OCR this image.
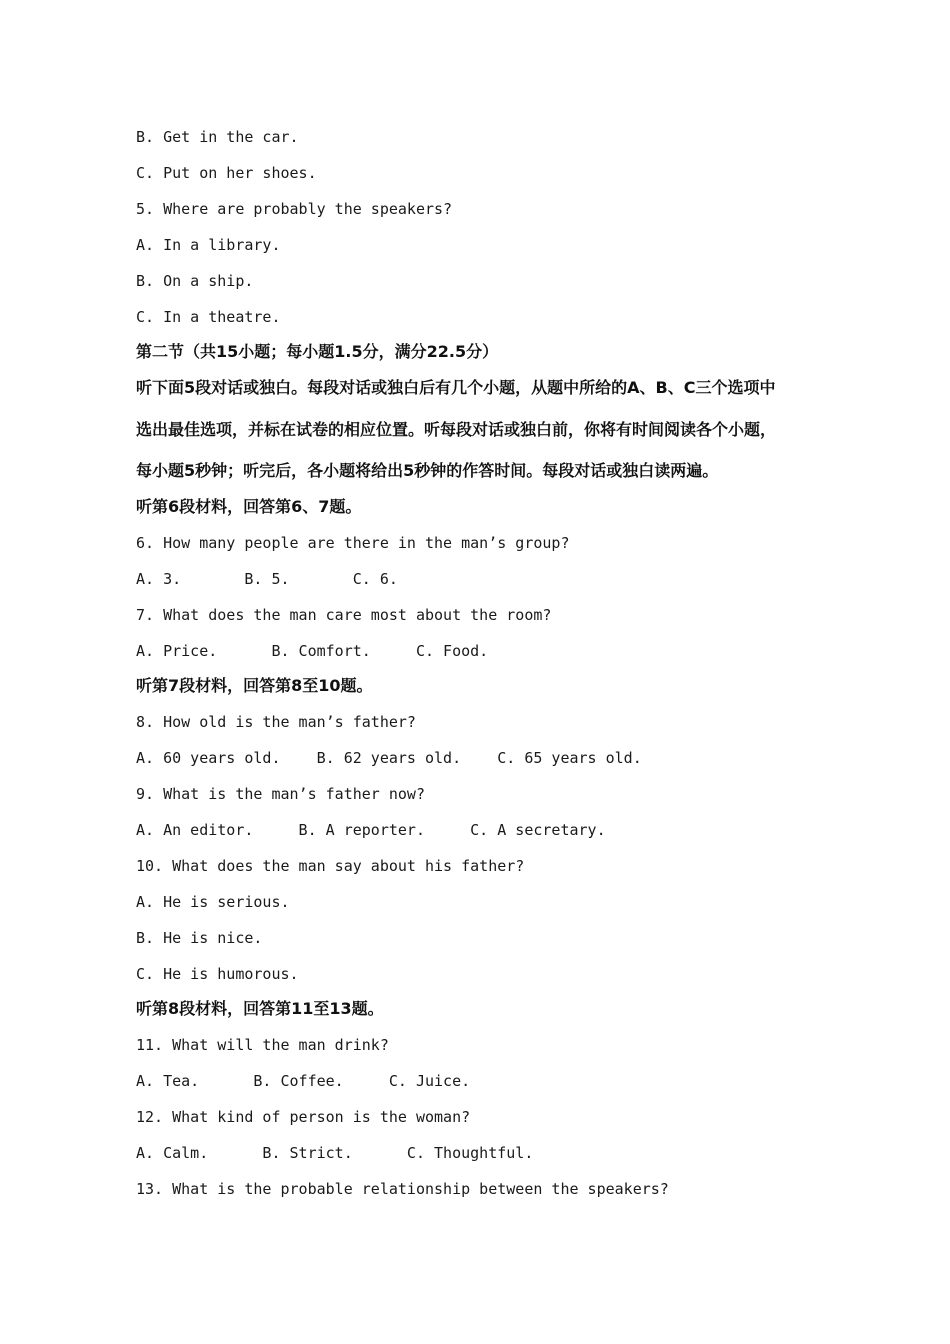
B. Get in the car.
C. Put on her shoes.
5. Where are probably the speakers?
A. In a library.
B. On a ship.
C. In a theatre.
第二节（共15小题；每小题1.5分，满分22.5分）
听下面5段对话或独白。每段对话或独白后有几个小题，从题中所给的A、B、C三个选项中
选出最佳选项，并标在试卷的相应位置。听每段对话或独白前，你将有时间阅读各个小题，
每小题5秒钟；听完后，各小题将给出5秒钟的作答时间。每段对话或独白读两遍。
听第6段材料，回答第6、7题。
6. How many people are there in the man’s group?
A. 3.       B. 5.       C. 6.
7. What does the man care most about the room?
A. Price.      B. Comfort.     C. Food.
听第7段材料，回答第8至10题。
8. How old is the man’s father?
A. 60 years old.    B. 62 years old.    C. 65 years old.
9. What is the man’s father now?
A. An editor.     B. A reporter.     C. A secretary.
10. What does the man say about his father?
A. He is serious.
B. He is nice.
C. He is humorous.
听第8段材料，回答第11至13题。
11. What will the man drink?
A. Tea.      B. Coffee.     C. Juice.
12. What kind of person is the woman?
A. Calm.      B. Strict.      C. Thoughtful.
13. What is the probable relationship between the speakers?
